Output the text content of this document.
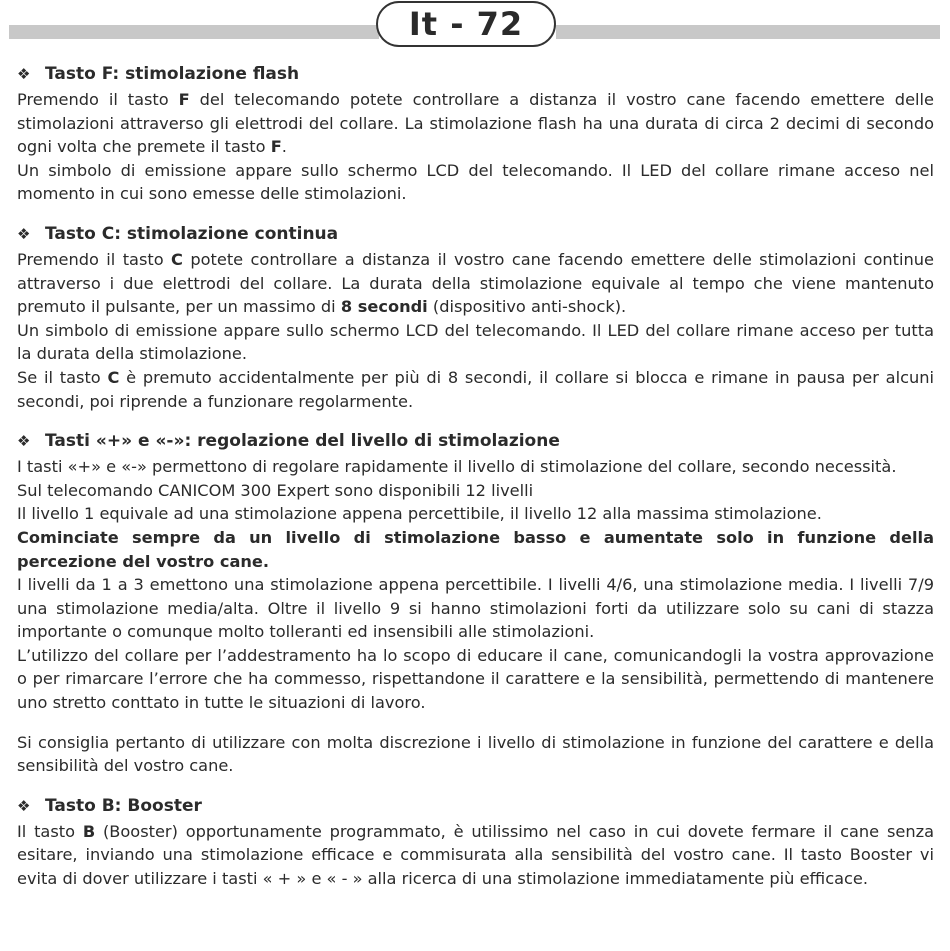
It - 72
❖ Tasto F: stimolazione flash

Premendo il tasto F del telecomando potete controllare a distanza il vostro cane facendo emettere delle stimolazioni attraverso gli elettrodi del collare. La stimolazione flash ha una durata di circa 2 decimi di secondo ogni volta che premete il tasto F.

Un simbolo di emissione appare sullo schermo LCD del telecomando. Il LED del collare rimane acceso nel momento in cui sono emesse delle stimolazioni.

❖ Tasto C: stimolazione continua

Premendo il tasto C potete controllare a distanza il vostro cane facendo emettere delle stimolazioni continue attraverso i due elettrodi del collare. La durata della stimolazione equivale al tempo che viene mantenuto premuto il pulsante, per un massimo di 8 secondi (dispositivo anti-shock).

Un simbolo di emissione appare sullo schermo LCD del telecomando. Il LED del collare rimane acceso per tutta la durata della stimolazione.

Se il tasto C è premuto accidentalmente per più di 8 secondi, il collare si blocca e rimane in pausa per alcuni secondi, poi riprende a funzionare regolarmente.

❖ Tasti «+» e «-»: regolazione del livello di stimolazione

I tasti «+» e «-» permettono di regolare rapidamente il livello di stimolazione del collare, secondo necessità.

Sul telecomando CANICOM 300 Expert sono disponibili 12 livelli

Il livello 1 equivale ad una stimolazione appena percettibile, il livello 12 alla massima stimolazione.

Cominciate sempre da un livello di stimolazione basso e aumentate solo in funzione della percezione del vostro cane.

I livelli da 1 a 3 emettono una stimolazione appena percettibile. I livelli 4/6, una stimolazione media. I livelli 7/9 una stimolazione media/alta. Oltre il livello 9 si hanno stimolazioni forti da utilizzare solo su cani di stazza importante o comunque molto tolleranti ed insensibili alle stimolazioni.

L’utilizzo del collare per l’addestramento ha lo scopo di educare il cane, comunicandogli la vostra approvazione o per rimarcare l’errore che ha commesso, rispettandone il carattere e la sensibilità, permettendo di mantenere uno stretto conttato in tutte le situazioni di lavoro.

Si consiglia pertanto di utilizzare con molta discrezione i livello di stimolazione in funzione del carattere e della sensibilità del vostro cane.

❖ Tasto B: Booster

Il tasto B (Booster) opportunamente programmato, è utilissimo nel caso in cui dovete fermare il cane senza esitare, inviando una stimolazione efficace e commisurata alla sensibilità del vostro cane. Il tasto Booster vi evita di dover utilizzare i tasti « + » e « - » alla ricerca di una stimolazione immediatamente più efficace.
